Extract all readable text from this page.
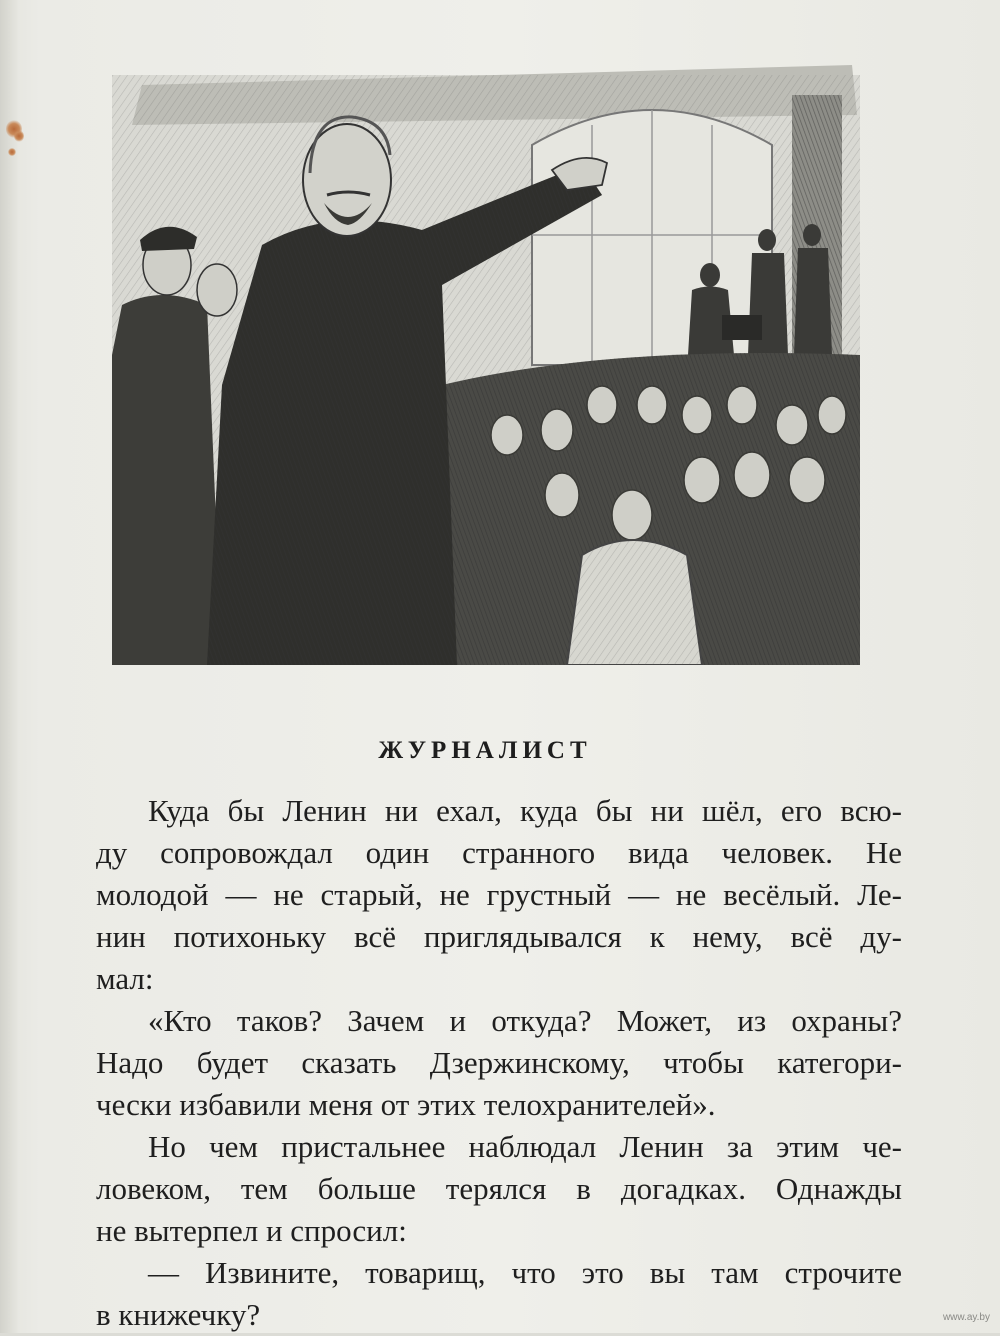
ЖУРНАЛИСТ
Куда бы Ленин ни ехал, куда бы ни шёл, его всю-
ду сопровождал один странного вида человек. Не
молодой — не старый, не грустный — не весёлый. Ле-
нин потихоньку всё приглядывался к нему, всё ду-
мал:
«Кто таков? Зачем и откуда? Может, из охраны?
Надо будет сказать Дзержинскому, чтобы категори-
чески избавили меня от этих телохранителей».
Но чем пристальнее наблюдал Ленин за этим че-
ловеком, тем больше терялся в догадках. Однажды
не вытерпел и спросил:
— Извините, товарищ, что это вы там строчите
в книжечку?	www.ay.by
